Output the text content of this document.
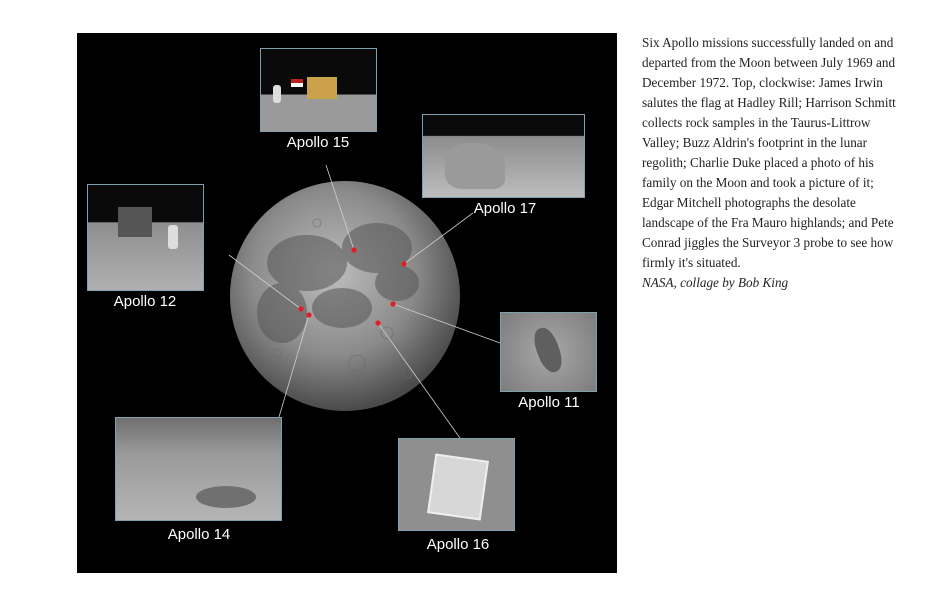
Apollo 15
Apollo 17
Apollo 12
Apollo 11
Apollo 14
Apollo 16

Six Apollo missions successfully landed on and departed from the Moon between July 1969 and December 1972. Top, clockwise: James Irwin salutes the flag at Hadley Rill; Harrison Schmitt collects rock samples in the Taurus-Littrow Valley; Buzz Aldrin's footprint in the lunar regolith; Charlie Duke placed a photo of his family on the Moon and took a picture of it; Edgar Mitchell photographs the desolate landscape of the Fra Mauro highlands; and Pete Conrad jiggles the Surveyor 3 probe to see how firmly it's situated.

NASA, collage by Bob King
